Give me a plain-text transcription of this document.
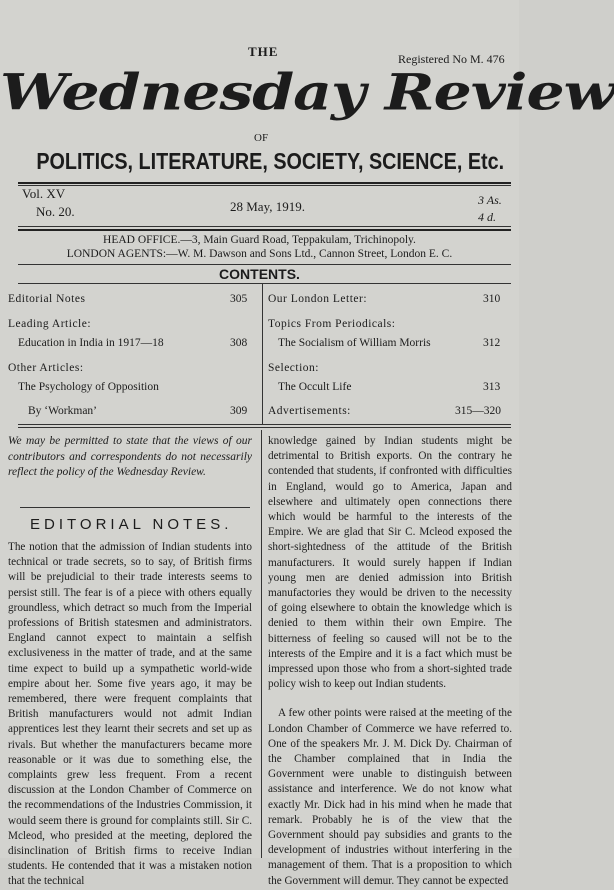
THE	Registered No M. 476
Wednesday Review
OF
POLITICS, LITERATURE, SOCIETY, SCIENCE, Etc.
Vol. XV
No. 20.	28 May, 1919.	3 As.
4 d.
HEAD OFFICE.—3, Main Guard Road, Teppakulam, Trichinopoly.
LONDON AGENTS:—W. M. Dawson and Sons Ltd., Cannon Street, London E. C.
CONTENTS.
Editorial Notes	305
Leading Article:
Education in India in 1917—18	308
Other Articles:
The Psychology of Opposition
By ‘Workman’	309
Our London Letter:	310
Topics From Periodicals:
The Socialism of William Morris	312
Selection:
The Occult Life	313
Advertisements:	315—320
We may be permitted to state that the views of our contributors and correspondents do not necessarily reflect the policy of the Wednesday Review.
EDITORIAL NOTES.

The notion that the admission of Indian students into technical or trade secrets, so to say, of British firms will be prejudicial to their trade interests seems to persist still. The fear is of a piece with others equally groundless, which detract so much from the Imperial professions of British statesmen and administrators. England cannot expect to maintain a selfish exclusiveness in the matter of trade, and at the same time expect to build up a sympathetic world-wide empire about her. Some five years ago, it may be remembered, there were frequent complaints that British manufacturers would not admit Indian apprentices lest they learnt their secrets and set up as rivals. But whether the manufacturers became more reasonable or it was due to something else, the complaints grew less frequent. From a recent discussion at the London Chamber of Commerce on the recommendations of the Industries Commission, it would seem there is ground for complaints still. Sir C. Mcleod, who presided at the meeting, deplored the disinclination of British firms to receive Indian students. He contended that it was a mistaken notion that the technical

knowledge gained by Indian students might be detrimental to British exports. On the contrary he contended that students, if confronted with difficulties in England, would go to America, Japan and elsewhere and ultimately open connections there which would be harmful to the interests of the Empire. We are glad that Sir C. Mcleod exposed the short-sightedness of the attitude of the British manufacturers. It would surely happen if Indian young men are denied admission into British manufactories they would be driven to the necessity of going elsewhere to obtain the knowledge which is denied to them within their own Empire. The bitterness of feeling so caused will not be to the interests of the Empire and it is a fact which must be impressed upon those who from a short-sighted trade policy wish to keep out Indian students.

A few other points were raised at the meeting of the London Chamber of Commerce we have referred to. One of the speakers Mr. J. M. Dick Dy. Chairman of the Chamber complained that in India the Government were unable to distinguish between assistance and interference. We do not know what exactly Mr. Dick had in his mind when he made that remark. Probably he is of the view that the Government should pay subsidies and grants to the development of industries without interfering in the management of them. That is a proposition to which the Government will demur. They cannot be expected
